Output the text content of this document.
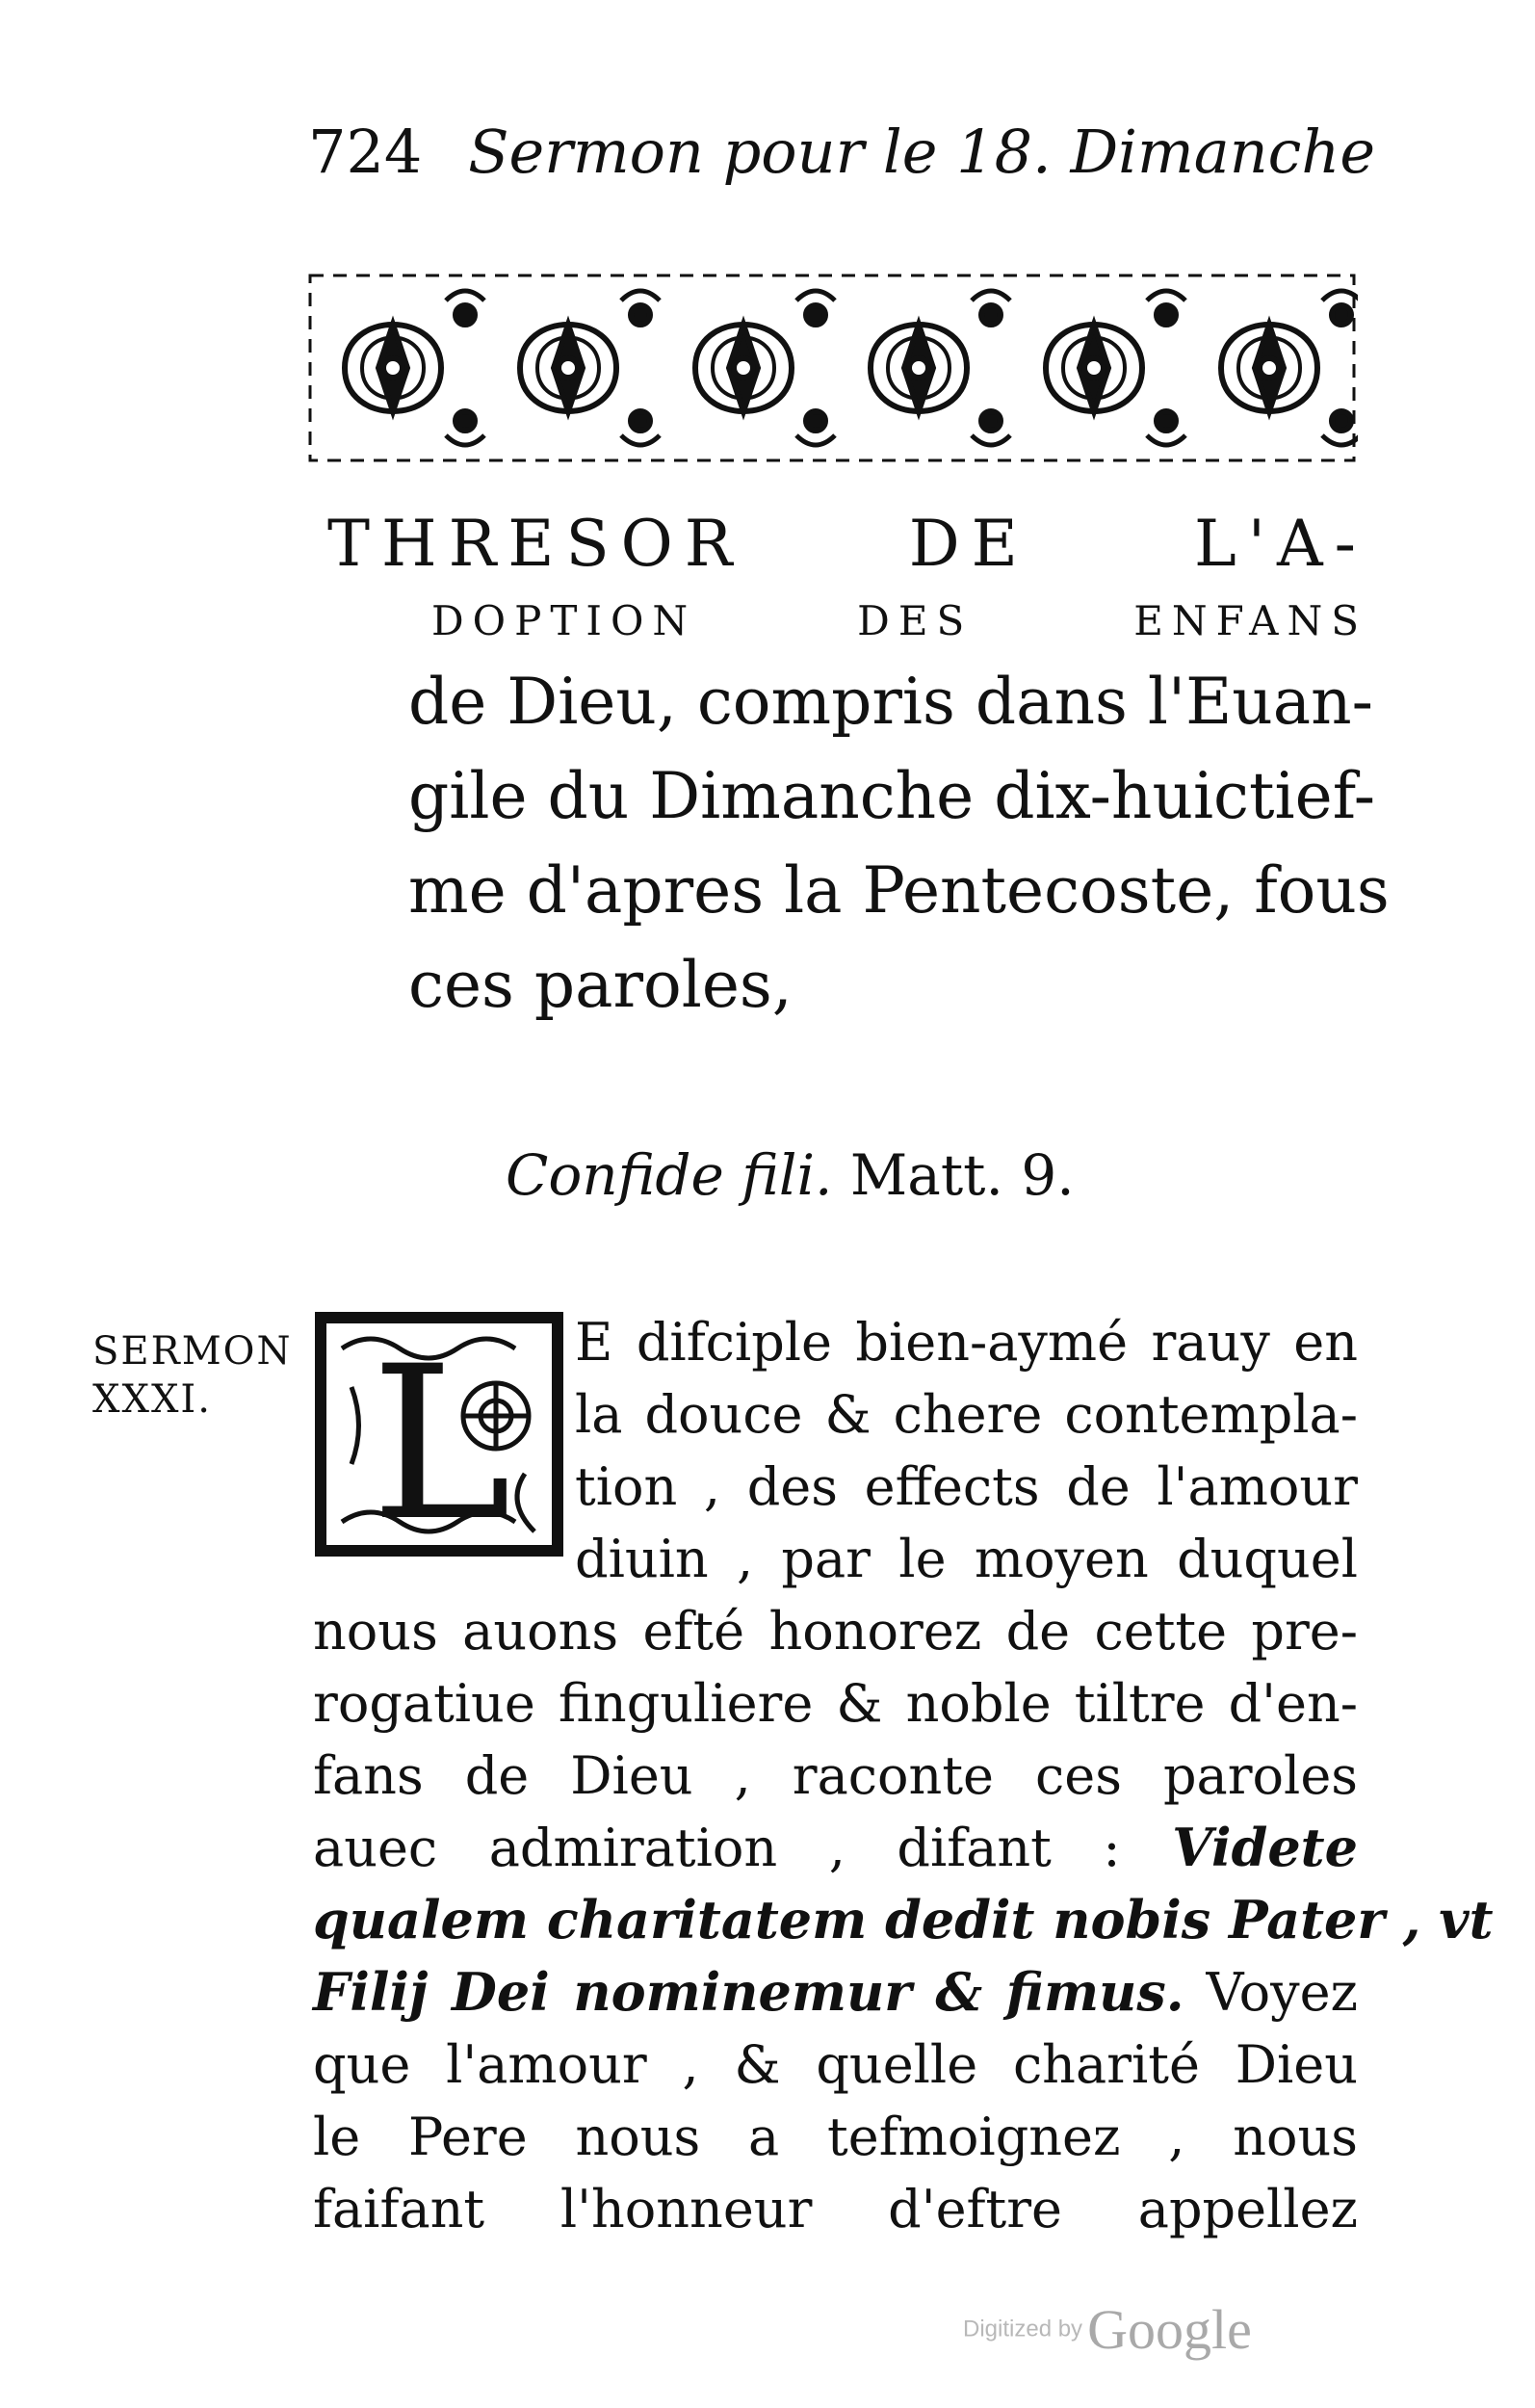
724 Sermon pour le 18. Dimanche
THRESOR DE L'A-
DOPTION DES ENFANS
de Dieu, compris dans l'Euan-
gile du Dimanche dix-huictief-
me d'apres la Pentecoste, fous
ces paroles,
Confide fili. Matt. 9.
SERMON
XXXI. L E difciple bien-aymé rauy en
la douce & chere contempla-
tion , des effects de l'amour
diuin , par le moyen duquel
nous auons efté honorez de cette pre-
rogatiue finguliere & noble tiltre d'en-
fans de Dieu , raconte ces paroles
auec admiration , difant : Videte
qualem charitatem dedit nobis Pater , vt
Filij Dei nominemur & fimus. Voyez
que l'amour , & quelle charité Dieu
le Pere nous a tefmoignez , nous
faifant l'honneur d'eftre appellez
Digitized by Google
